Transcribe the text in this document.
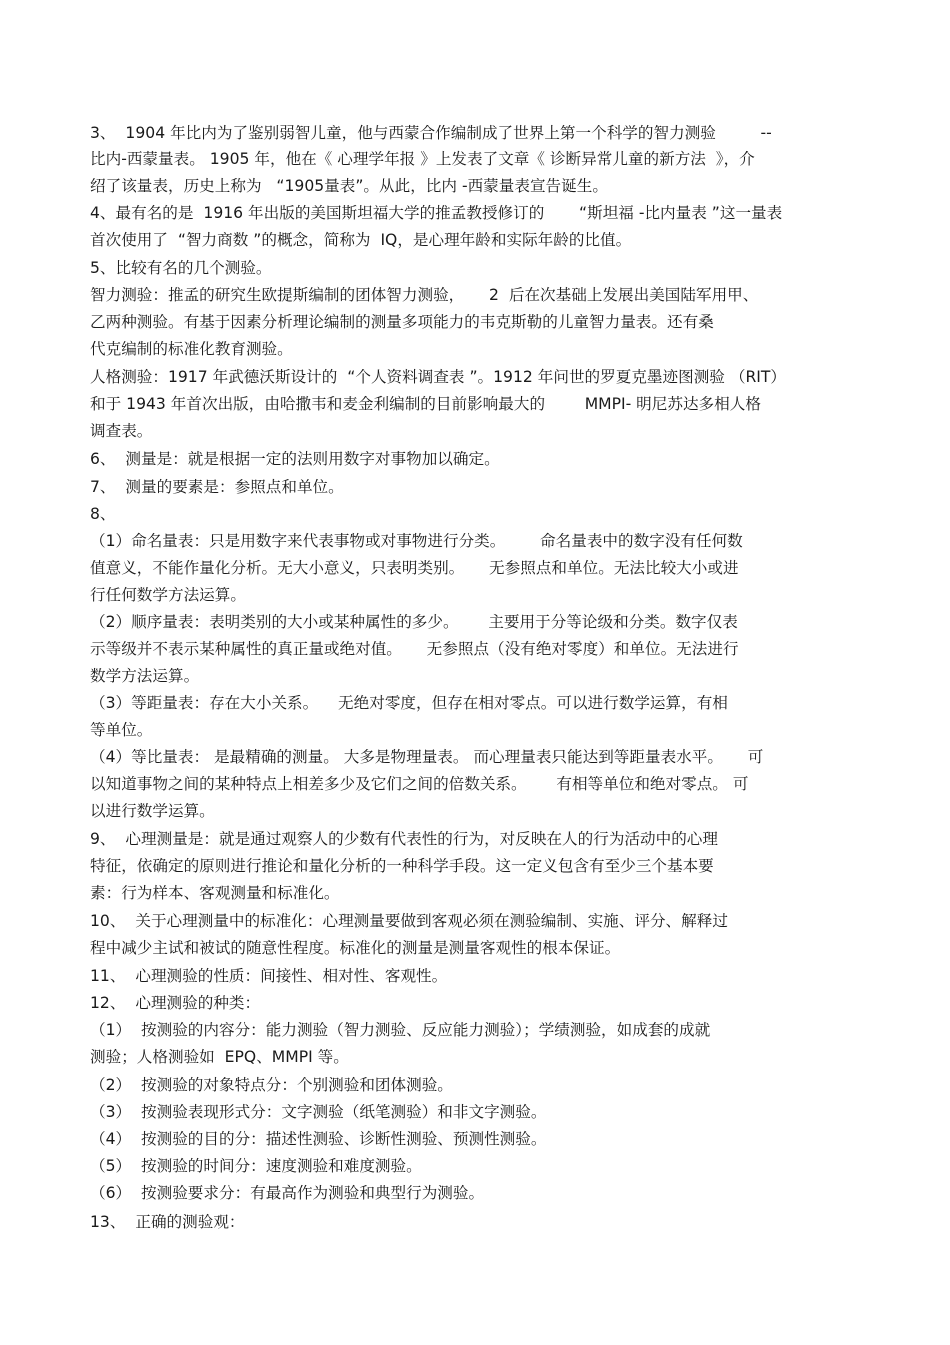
3、  1904 年比内为了鉴别弱智儿童，他与西蒙合作编制成了世界上第一个科学的智力测验         --

比内-西蒙量表。 1905 年，他在《 心理学年报 》上发表了文章《 诊断异常儿童的新方法  》，介

绍了该量表，历史上称为   “1905量表”。从此，比内 -西蒙量表宣告诞生。

4、最有名的是  1916 年出版的美国斯坦福大学的推孟教授修订的       “斯坦福 -比内量表 ”这一量表

首次使用了  “智力商数 ”的概念，简称为  IQ，是心理年龄和实际年龄的比值。

5、比较有名的几个测验。

智力测验：推孟的研究生欧提斯编制的团体智力测验，     2  后在次基础上发展出美国陆军用甲、

乙两种测验。有基于因素分析理论编制的测量多项能力的韦克斯勒的儿童智力量表。还有桑

代克编制的标准化教育测验。

人格测验：1917 年武德沃斯设计的  “个人资料调查表 ”。1912 年问世的罗夏克墨迹图测验 （RIT）

和于 1943 年首次出版，由哈撒韦和麦金利编制的目前影响最大的        MMPI- 明尼苏达多相人格

调查表。

6、  测量是：就是根据一定的法则用数字对事物加以确定。

7、  测量的要素是：参照点和单位。

8、

（1）命名量表：只是用数字来代表事物或对事物进行分类。       命名量表中的数字没有任何数

值意义，不能作量化分析。无大小意义，只表明类别。     无参照点和单位。无法比较大小或进

行任何数学方法运算。

（2）顺序量表：表明类别的大小或某种属性的多少。      主要用于分等论级和分类。数字仅表

示等级并不表示某种属性的真正量或绝对值。     无参照点（没有绝对零度）和单位。无法进行

数学方法运算。

（3）等距量表：存在大小关系。    无绝对零度，但存在相对零点。可以进行数学运算，有相

等单位。

（4）等比量表： 是最精确的测量。 大多是物理量表。 而心理量表只能达到等距量表水平。     可

以知道事物之间的某种特点上相差多少及它们之间的倍数关系。      有相等单位和绝对零点。 可

以进行数学运算。

9、  心理测量是：就是通过观察人的少数有代表性的行为，对反映在人的行为活动中的心理

特征，依确定的原则进行推论和量化分析的一种科学手段。这一定义包含有至少三个基本要

素：行为样本、客观测量和标准化。

10、  关于心理测量中的标准化：心理测量要做到客观必须在测验编制、实施、评分、解释过

程中减少主试和被试的随意性程度。标准化的测量是测量客观性的根本保证。

11、  心理测验的性质：间接性、相对性、客观性。

12、  心理测验的种类：

（1）  按测验的内容分：能力测验（智力测验、反应能力测验）；学绩测验，如成套的成就

测验；人格测验如  EPQ、MMPI 等。

（2）  按测验的对象特点分：个别测验和团体测验。

（3）  按测验表现形式分：文字测验（纸笔测验）和非文字测验。

（4）  按测验的目的分：描述性测验、诊断性测验、预测性测验。

（5）  按测验的时间分：速度测验和难度测验。

（6）  按测验要求分：有最高作为测验和典型行为测验。

13、  正确的测验观：
